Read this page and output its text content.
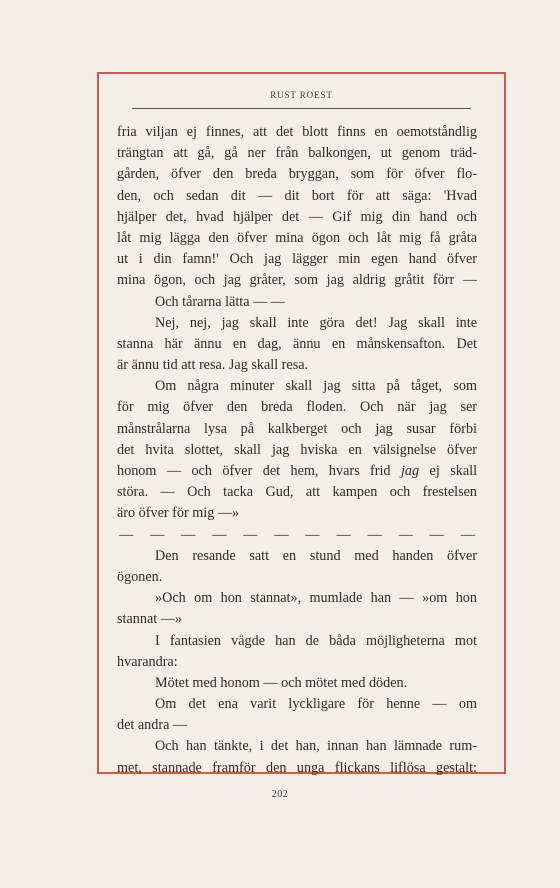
RUST ROEST
fria viljan ej finnes, att det blott finns en oemotståndlig
trängtan att gå, gå ner från balkongen, ut genom träd-
gården, öfver den breda bryggan, som för öfver flo-
den, och sedan dit — dit bort för att säga: 'Hvad
hjälper det, hvad hjälper det — Gif mig din hand och
låt mig lägga den öfver mina ögon och låt mig få gråta
ut i din famn!' Och jag lägger min egen hand öfver
mina ögon, och jag gråter, som jag aldrig gråtit förr —
Och tårarna lätta — —
Nej, nej, jag skall inte göra det! Jag skall inte
stanna här ännu en dag, ännu en månskensafton. Det
är ännu tid att resa. Jag skall resa.
Om några minuter skall jag sitta på tåget, som
för mig öfver den breda floden. Och när jag ser
månstrålarna lysa på kalkberget och jag susar förbi
det hvita slottet, skall jag hviska en välsignelse öfver
honom — och öfver det hem, hvars frid jag ej skall
störa. — Och tacka Gud, att kampen och frestelsen
äro öfver för mig —»
— — — — — — — — — — — —
Den resande satt en stund med handen öfver
ögonen.
»Och om hon stannat», mumlade han — »om hon
stannat —»
I fantasien vägde han de båda möjligheterna mot
hvarandra:
Mötet med honom — och mötet med döden.
Om det ena varit lyckligare för henne — om
det andra —
Och han tänkte, i det han, innan han lämnade rum-
met, stannade framför den unga flickans liflösa gestalt:
202
